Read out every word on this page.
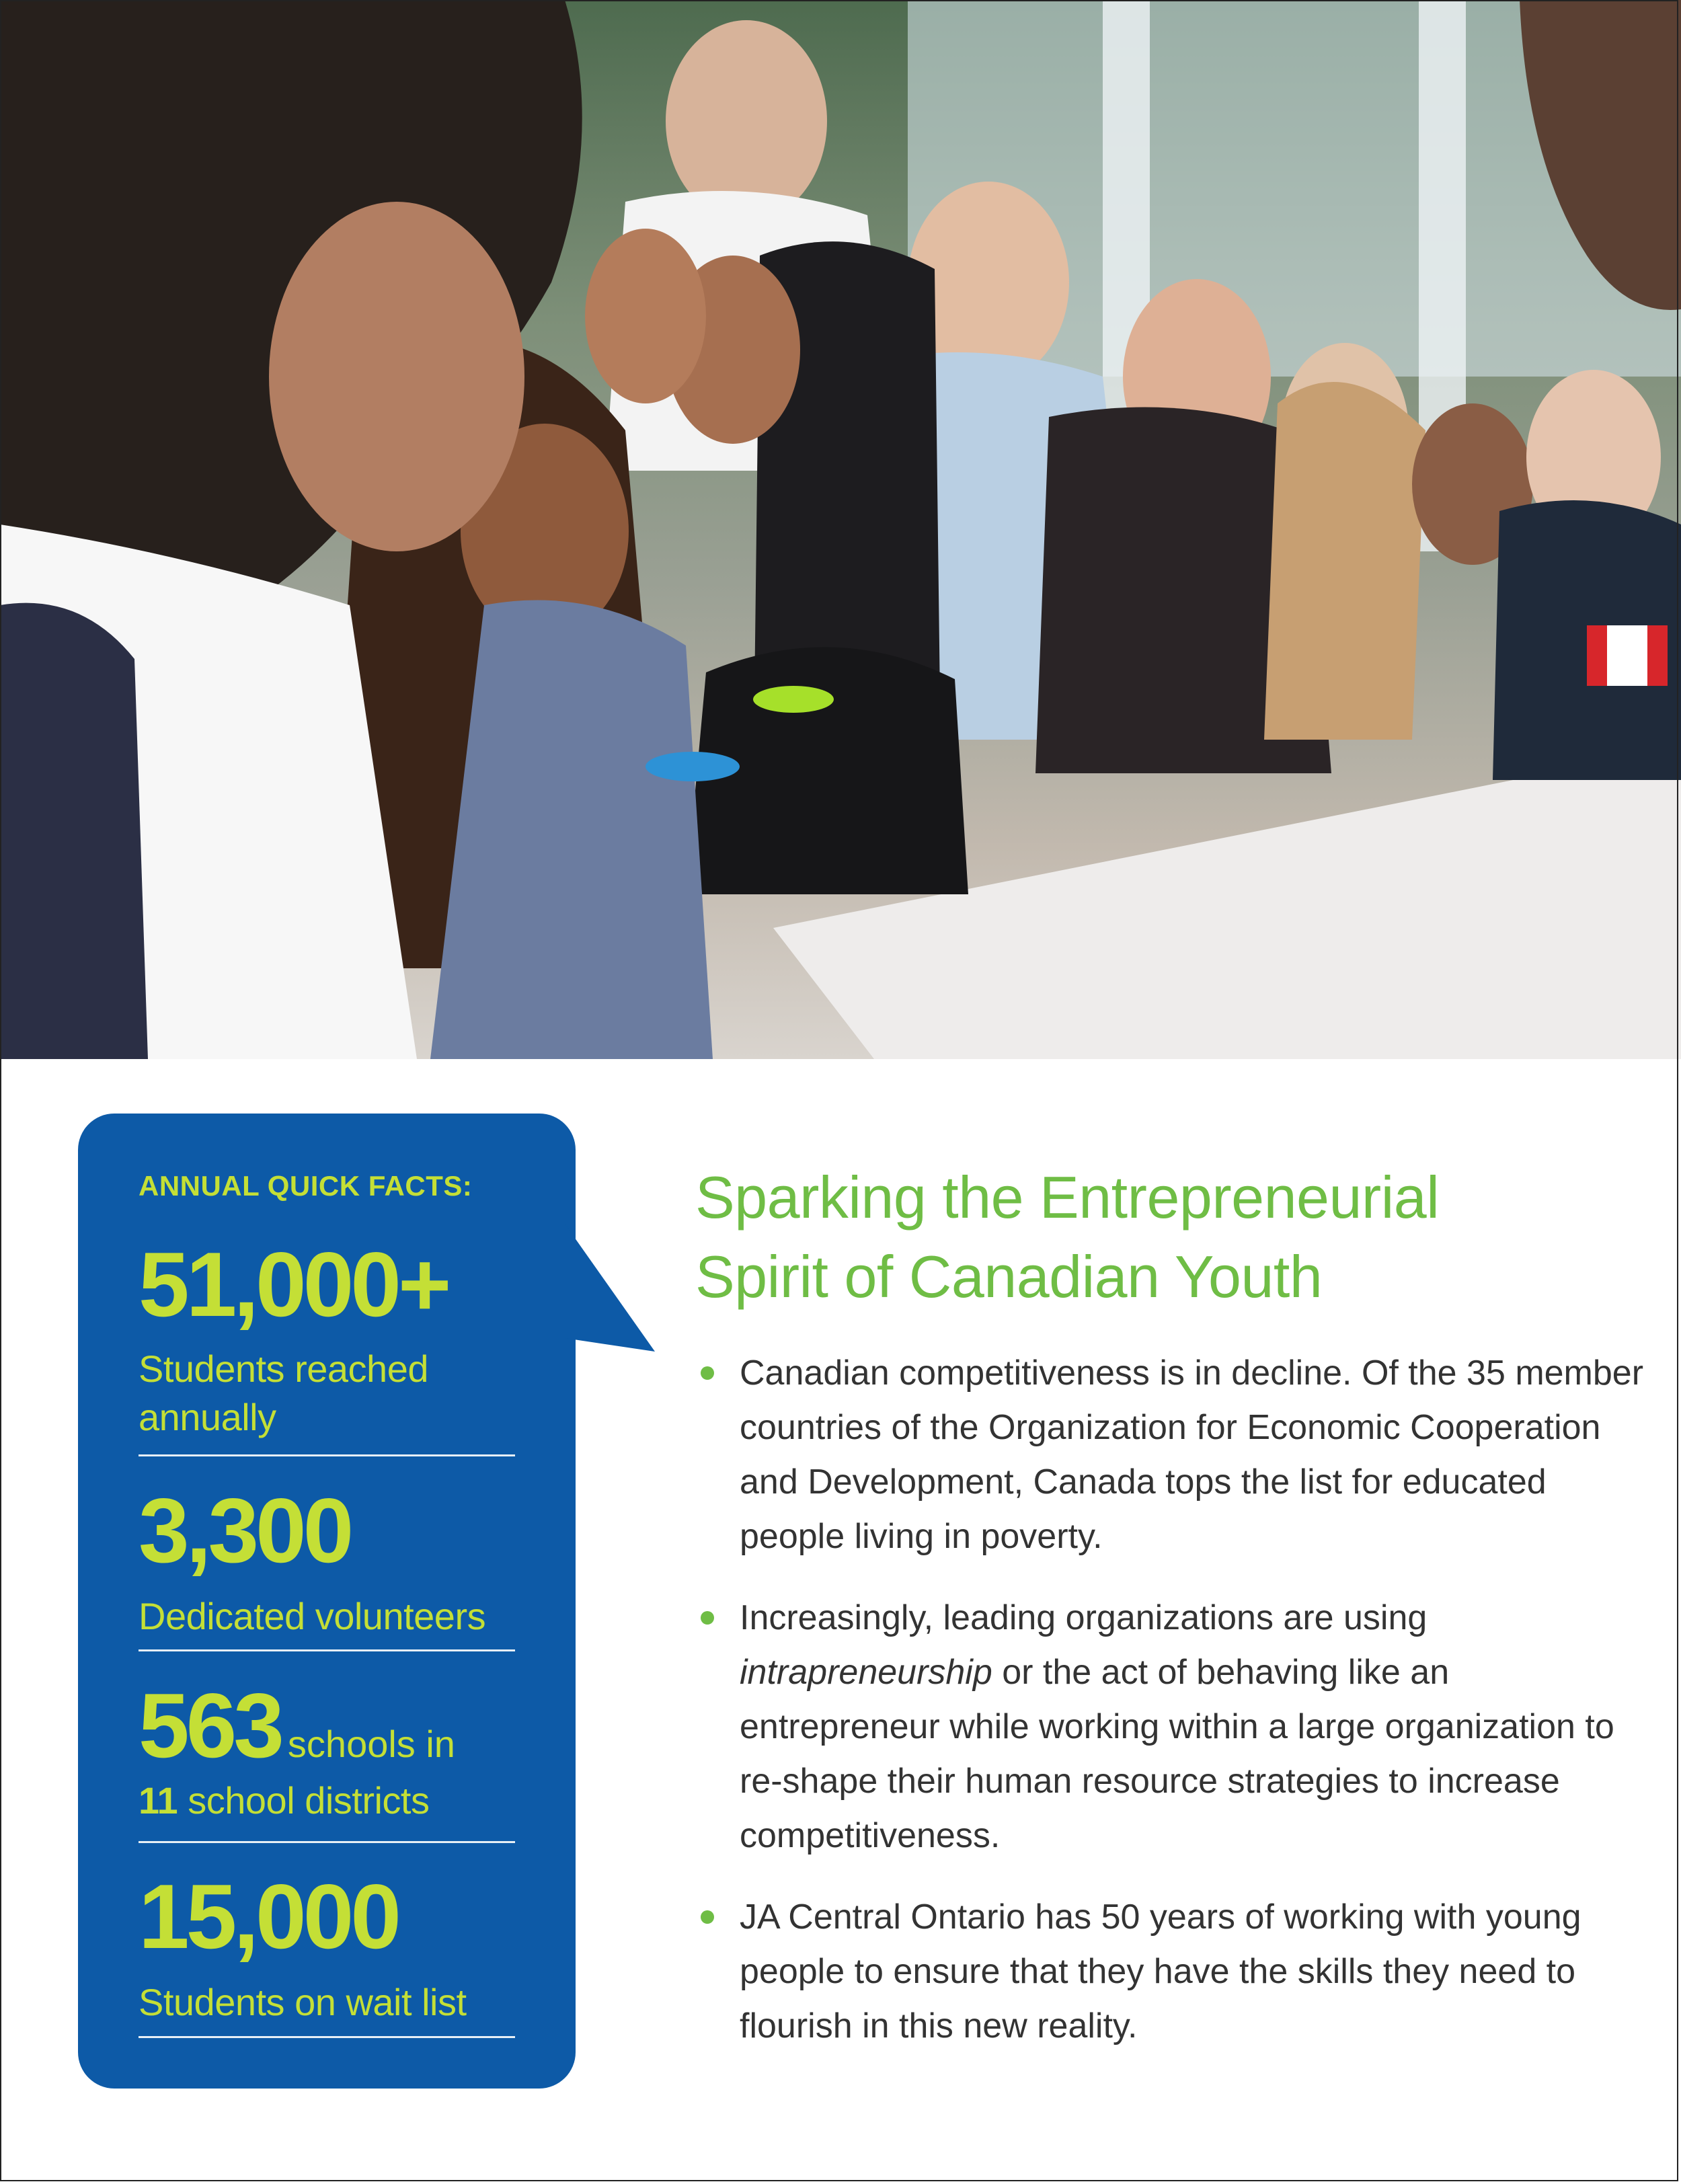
ANNUAL QUICK FACTS:
51,000+
Students reached
annually
3,300
Dedicated volunteers
563 schools in
11 school districts
15,000
Students on wait list
Sparking the Entrepreneurial
Spirit of Canadian Youth
Canadian competitiveness is in decline. Of the 35 member countries of the Organization for Economic Cooperation and Development, Canada tops the list for educated people living in poverty.
Increasingly, leading organizations are using intrapreneurship or the act of behaving like an entrepreneur while working within a large organization to re-shape their human resource strategies to increase competitiveness.
JA Central Ontario has 50 years of working with young people to ensure that they have the skills they need to flourish in this new reality.
